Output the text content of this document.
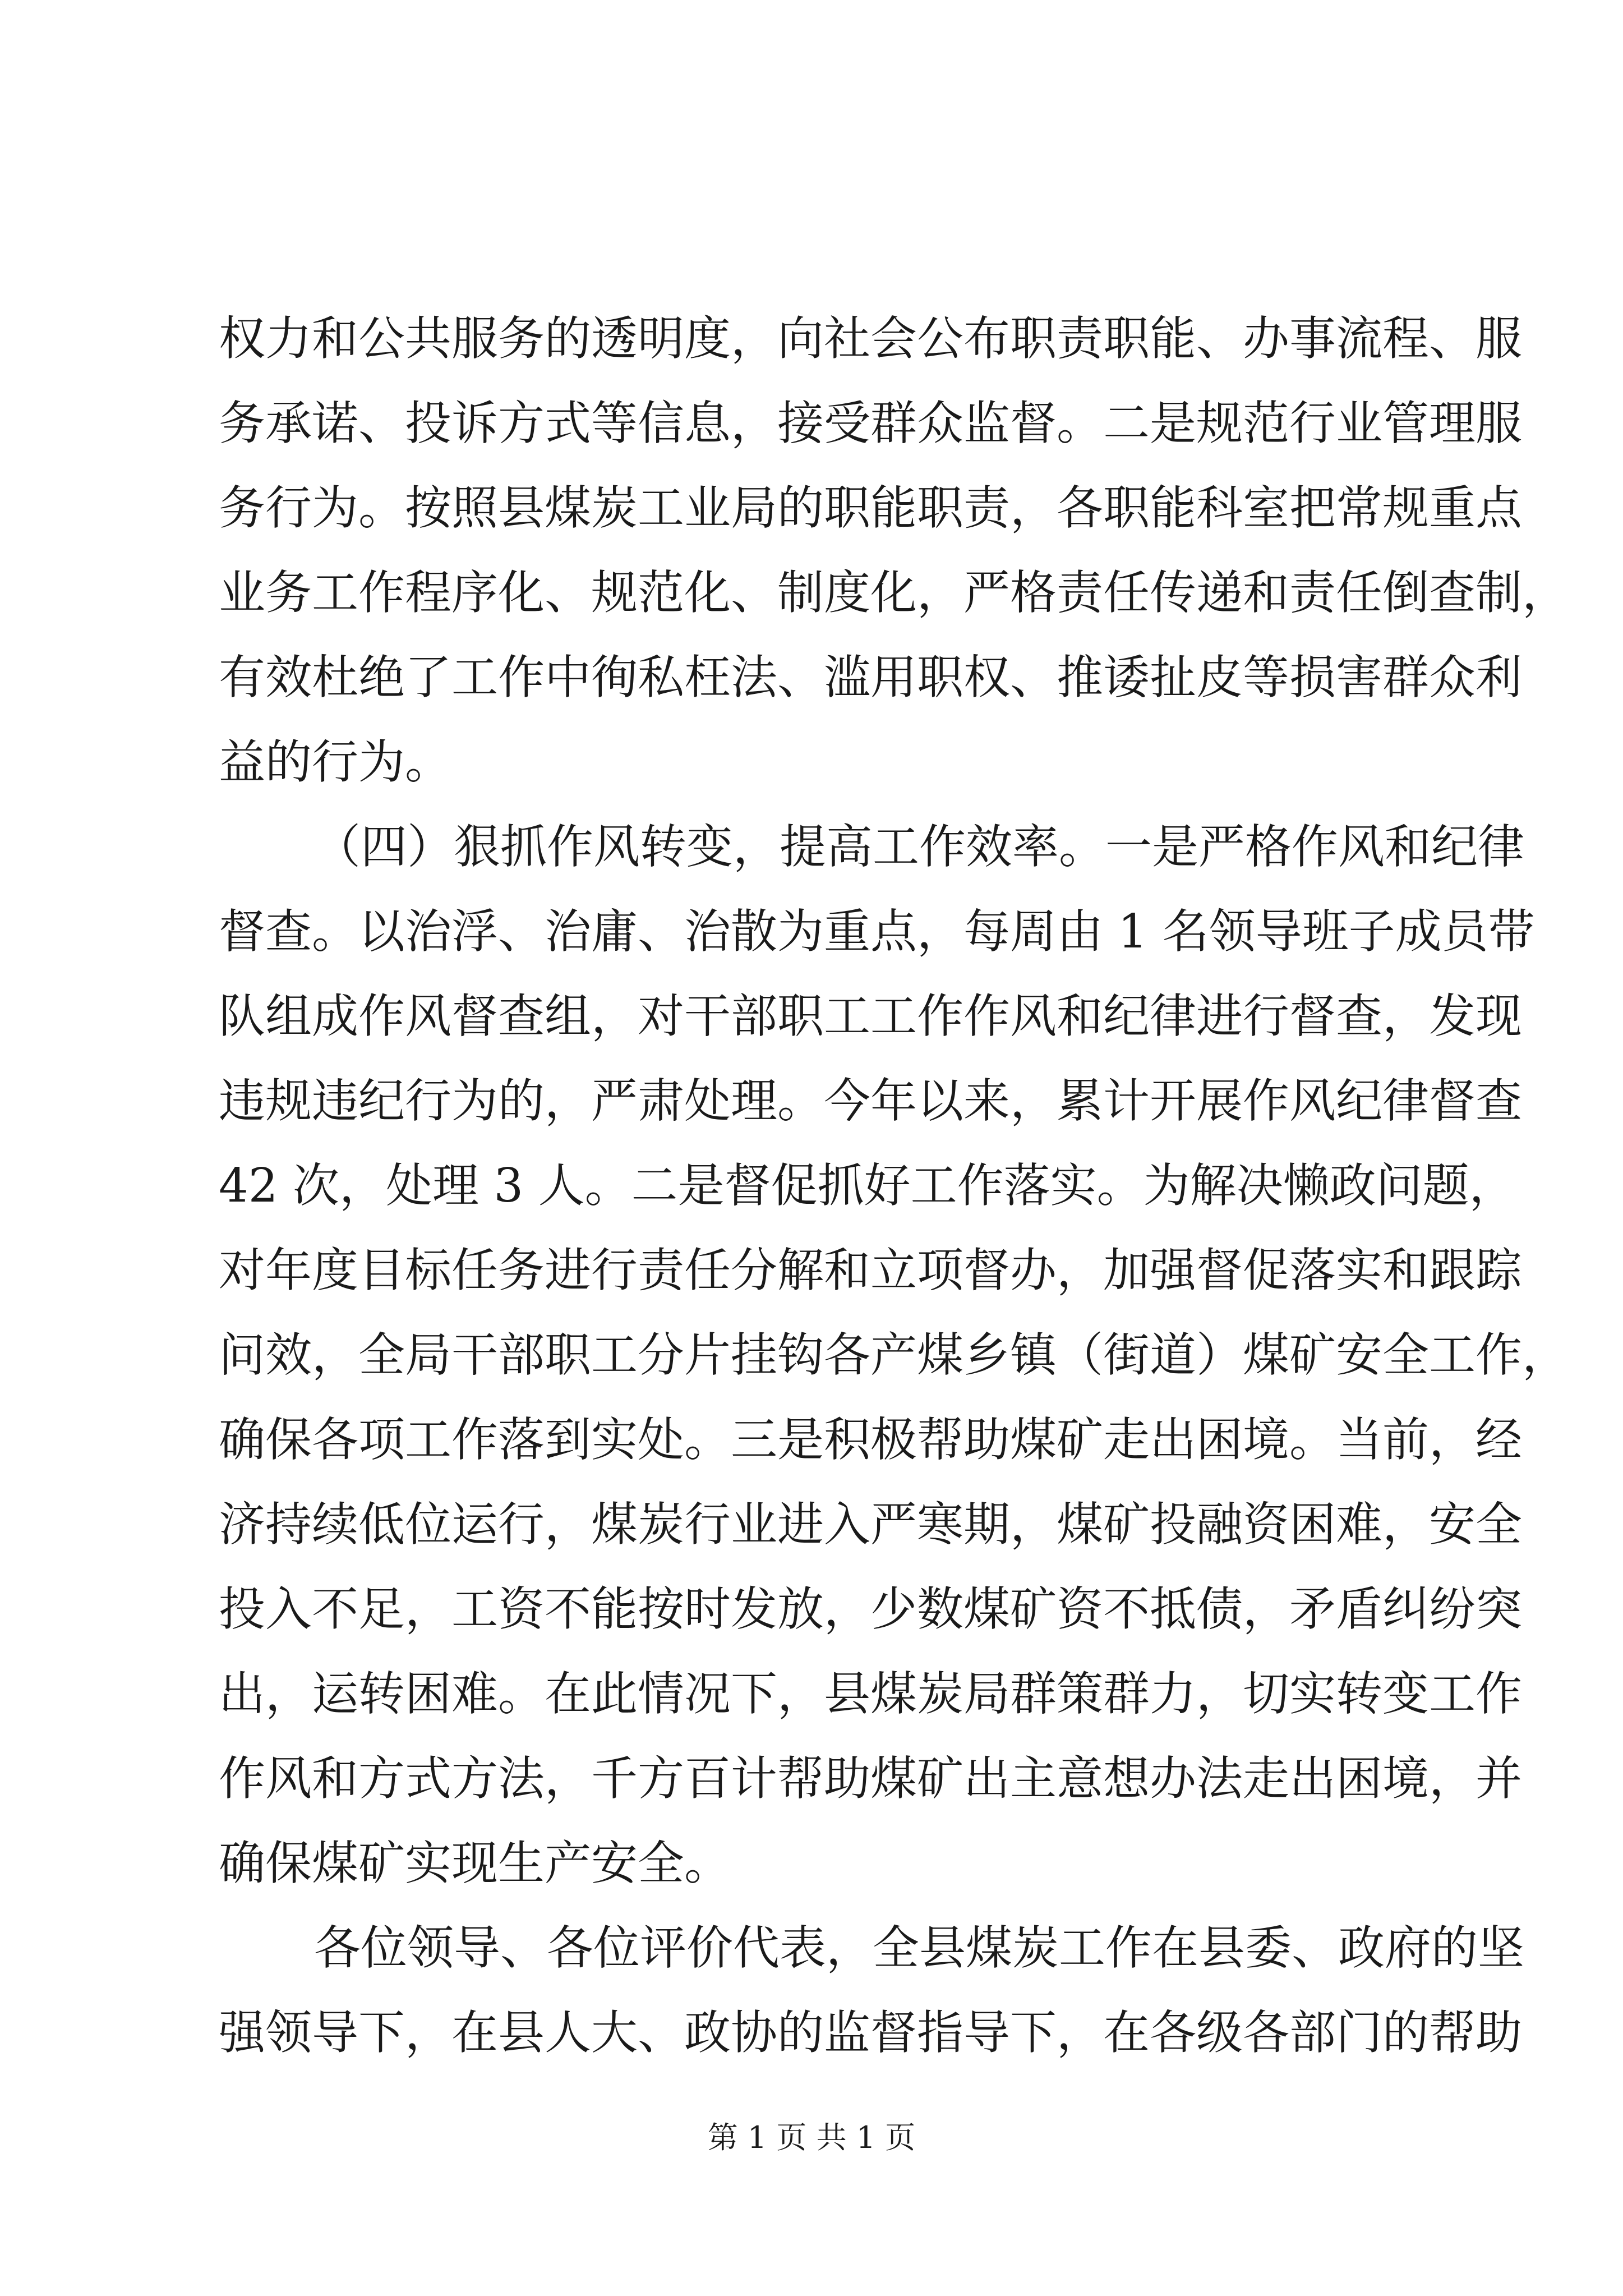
权力和公共服务的透明度，向社会公布职责职能、办事流程、服
务承诺、投诉方式等信息，接受群众监督。二是规范行业管理服
务行为。按照县煤炭工业局的职能职责，各职能科室把常规重点
业务工作程序化、规范化、制度化，严格责任传递和责任倒查制，
有效杜绝了工作中徇私枉法、滥用职权、推诿扯皮等损害群众利
益的行为。
（四）狠抓作风转变，提高工作效率。一是严格作风和纪律
督查。以治浮、治庸、治散为重点，每周由 1 名领导班子成员带
队组成作风督查组，对干部职工工作作风和纪律进行督查，发现
违规违纪行为的，严肃处理。今年以来，累计开展作风纪律督查
42 次，处理 3 人。二是督促抓好工作落实。为解决懒政问题，
对年度目标任务进行责任分解和立项督办，加强督促落实和跟踪
问效，全局干部职工分片挂钩各产煤乡镇（街道）煤矿安全工作，
确保各项工作落到实处。三是积极帮助煤矿走出困境。当前，经
济持续低位运行，煤炭行业进入严寒期，煤矿投融资困难，安全
投入不足，工资不能按时发放，少数煤矿资不抵债，矛盾纠纷突
出，运转困难。在此情况下，县煤炭局群策群力，切实转变工作
作风和方式方法，千方百计帮助煤矿出主意想办法走出困境，并
确保煤矿实现生产安全。
各位领导、各位评价代表，全县煤炭工作在县委、政府的坚
强领导下，在县人大、政协的监督指导下，在各级各部门的帮助
第 1 页 共 1 页
